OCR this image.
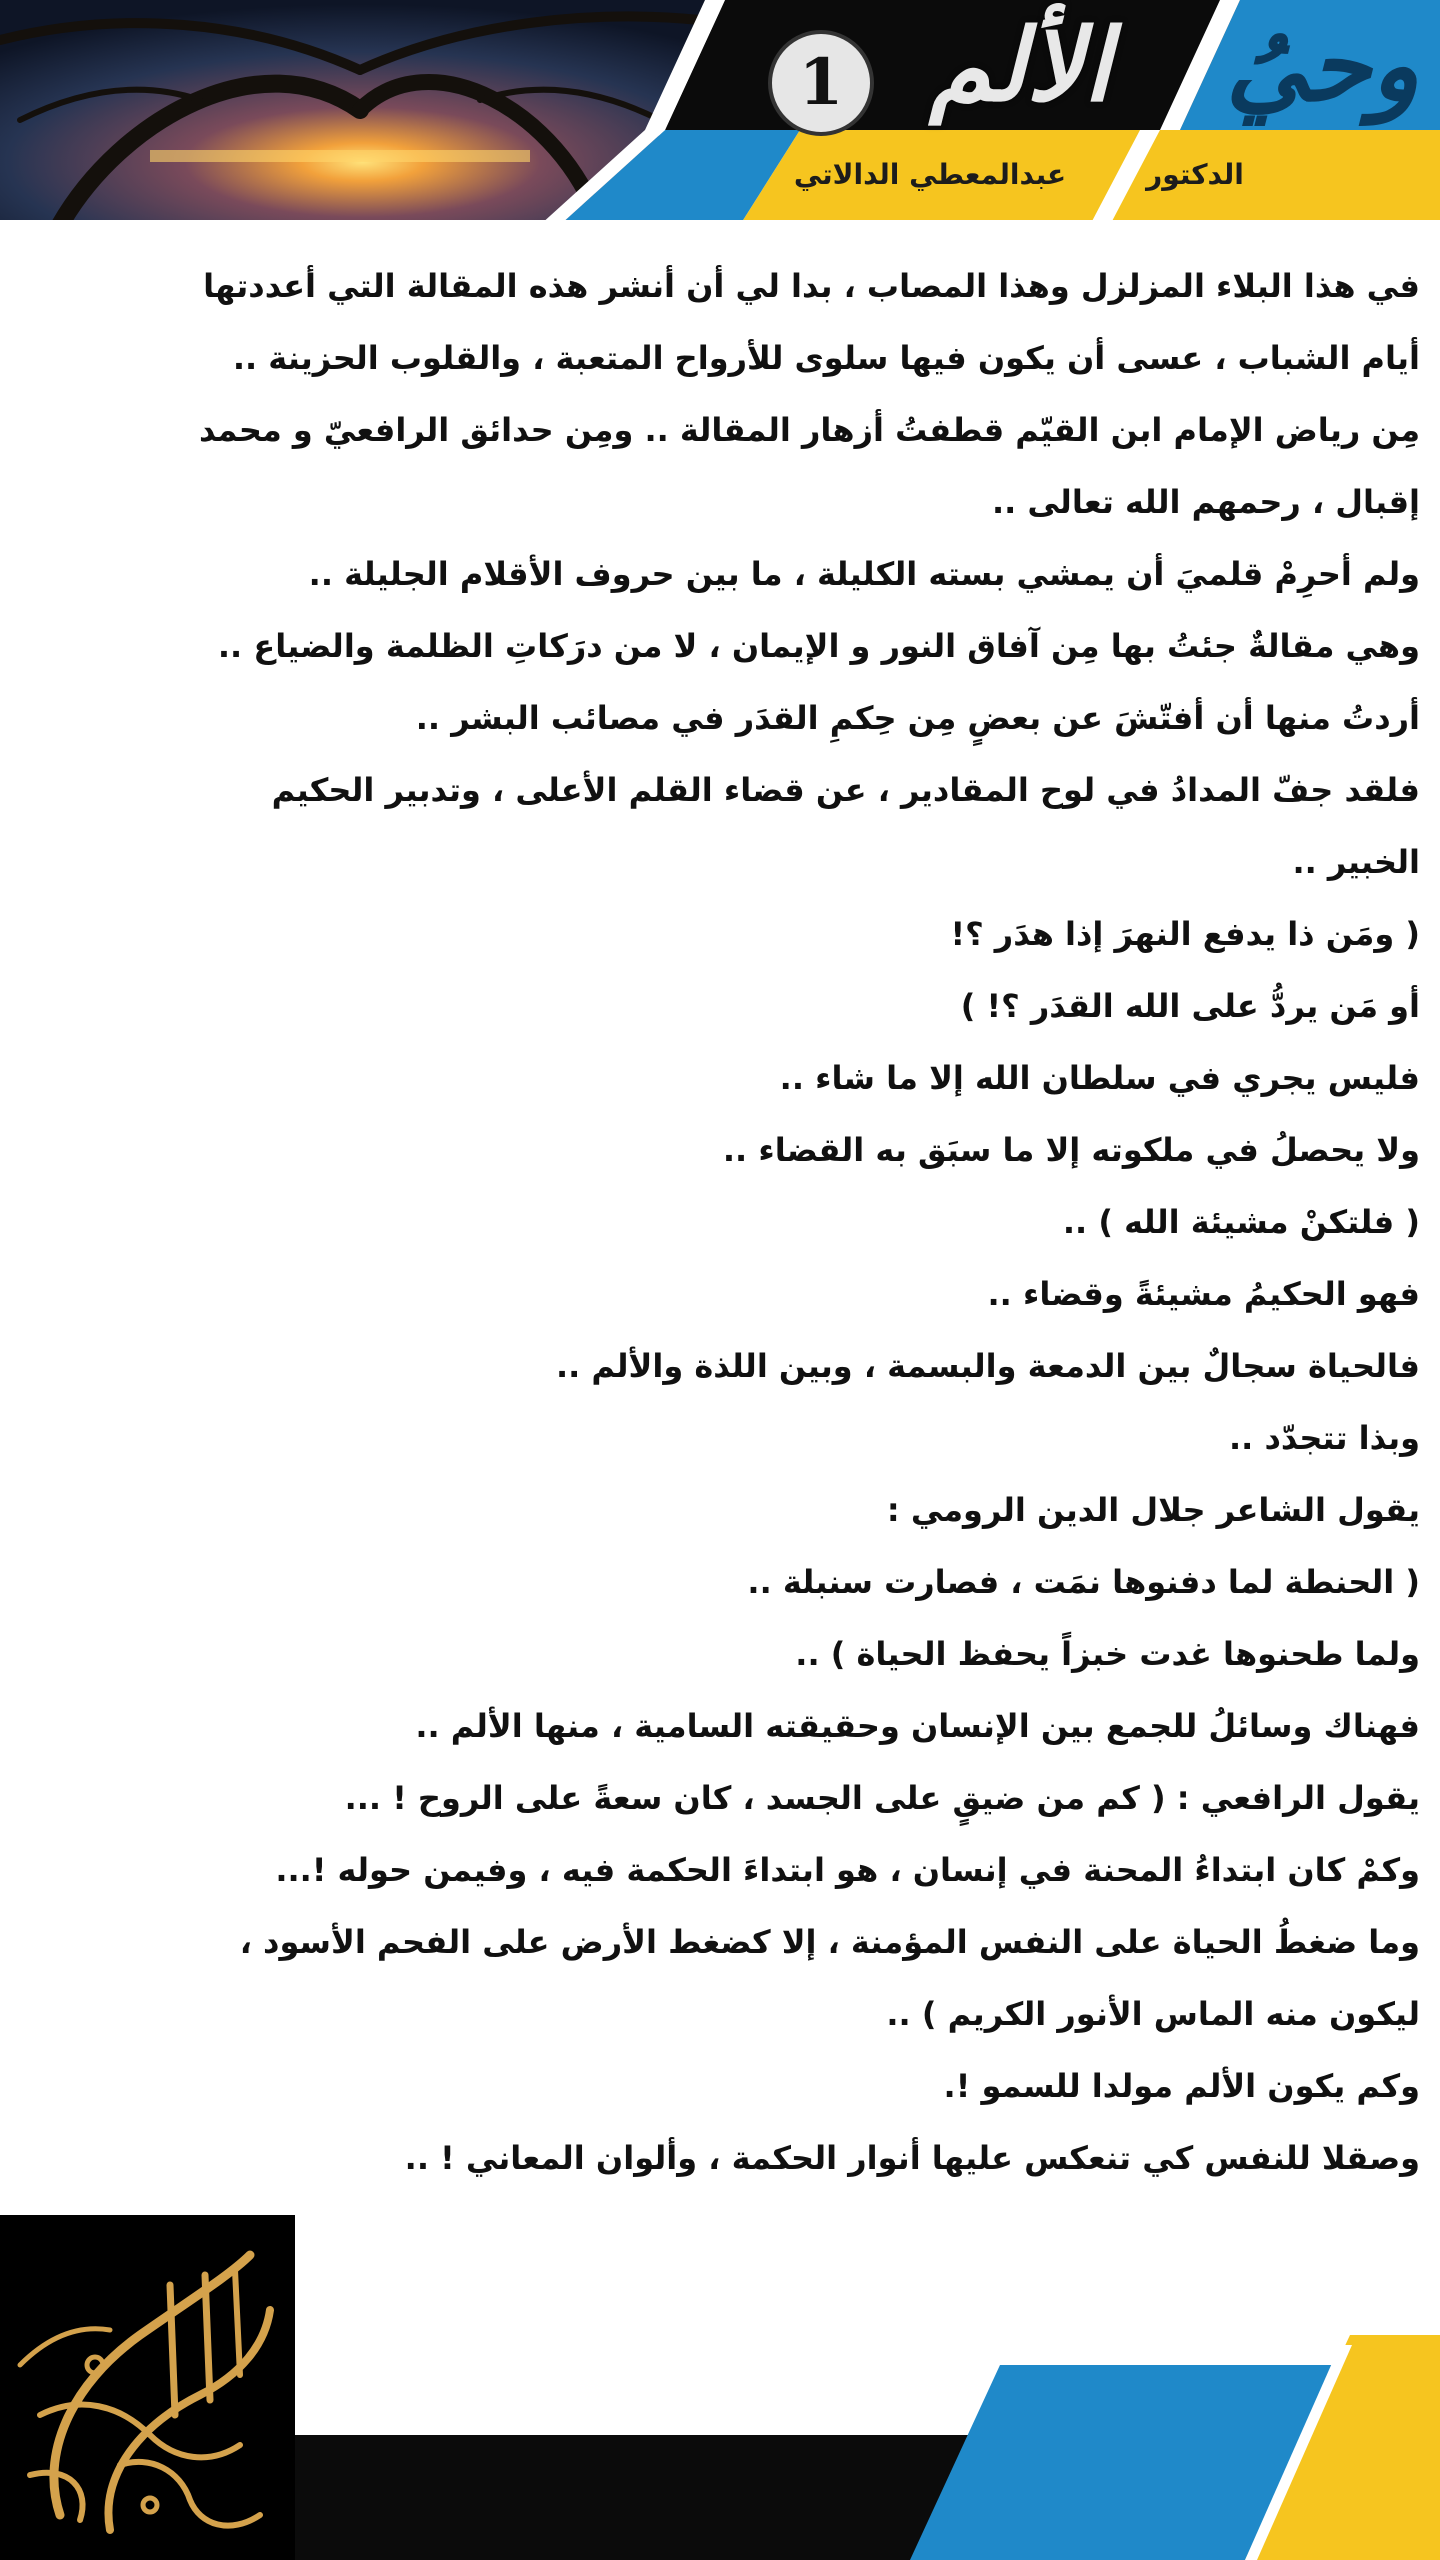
وحيُ
الألم
1
الدكتور
عبدالمعطي الدالاتي
في هذا البلاء المزلزل وهذا المصاب ، بدا لي أن أنشر هذه المقالة التي أعددتها
أيام الشباب ، عسى أن يكون فيها سلوى للأرواح المتعبة ، والقلوب الحزينة ..
مِن رياض الإمام ابن القيّم قطفتُ أزهار المقالة .. ومِن حدائق الرافعيّ و محمد
إقبال ، رحمهم الله تعالى ..
ولم أحرِمْ قلميَ أن يمشي بسته الكليلة ، ما بين حروف الأقلام الجليلة ..
وهي مقالةٌ جئتُ بها مِن آفاق النور و الإيمان ، لا من درَكاتِ الظلمة والضياع ..
أردتُ منها أن أفتّشَ عن بعضٍ مِن حِكمِ القدَر في مصائب البشر ..
فلقد جفّ المدادُ في لوح المقادير ، عن قضاء القلم الأعلى ، وتدبير الحكيم
الخبير ..
( ومَن ذا يدفع النهرَ إذا هدَر ؟!
أو مَن يردُّ على الله القدَر ؟! )
فليس يجري في سلطان الله إلا ما شاء ..
ولا يحصلُ في ملكوته إلا ما سبَق به القضاء ..
( فلتكنْ مشيئة الله ) ..
فهو الحكيمُ مشيئةً وقضاء ..
فالحياة سجالٌ بين الدمعة والبسمة ، وبين اللذة والألم ..
وبذا تتجدّد ..
يقول الشاعر جلال الدين الرومي :
( الحنطة لما دفنوها نمَت ، فصارت سنبلة ..
ولما طحنوها غدت خبزاً يحفظ الحياة ) ..
فهناك وسائلُ للجمع بين الإنسان وحقيقته السامية ، منها الألم ..
يقول الرافعي : ( كم من ضيقٍ على الجسد ، كان سعةً على الروح ! ...
وكمْ كان ابتداءُ المحنة في إنسان ، هو ابتداءَ الحكمة فيه ، وفيمن حوله !...
وما ضغطُ الحياة على النفس المؤمنة ، إلا كضغط الأرض على الفحم الأسود ،
ليكون منه الماس الأنور الكريم ) ..
وكم يكون الألم مولدا للسمو !.
وصقلا للنفس كي تنعكس عليها أنوار الحكمة ، وألوان المعاني ! ..
